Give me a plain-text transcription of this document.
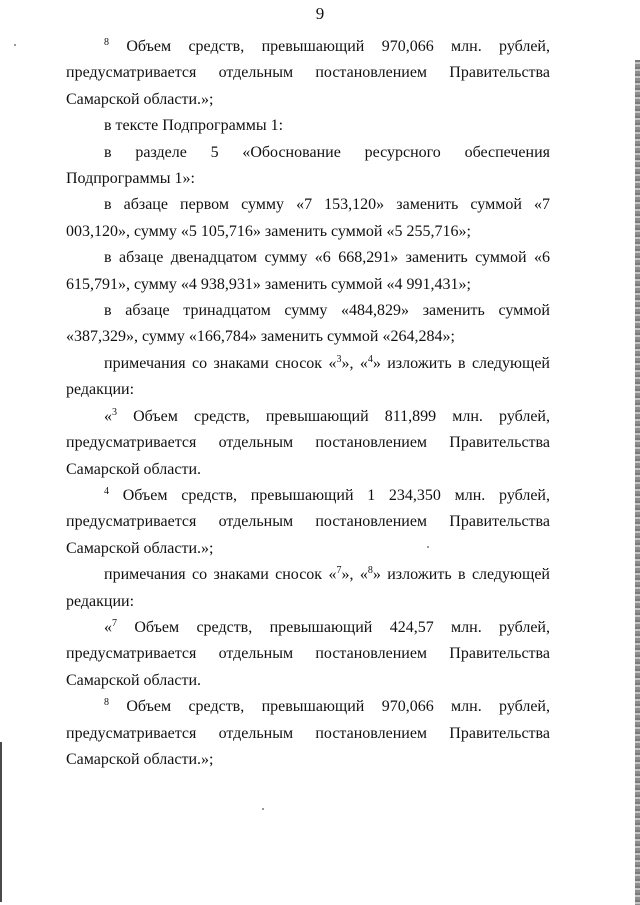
9

$^8$ Объем средств, превышающий 970,066 млн. рублей, предусматривается отдельным постановлением Правительства Самарской области.»;

в тексте Подпрограммы 1:

в разделе 5 «Обоснование ресурсного обеспечения Подпрограммы 1»:

в абзаце первом сумму «7 153,120» заменить суммой «7 003,120», сумму «5 105,716» заменить суммой «5 255,716»;

в абзаце двенадцатом сумму «6 668,291» заменить суммой «6 615,791», сумму «4 938,931» заменить суммой «4 991,431»;

в абзаце тринадцатом сумму «484,829» заменить суммой «387,329», сумму «166,784» заменить суммой «264,284»;

примечания со знаками сносок «$^3$», «$^4$» изложить в следующей редакции:

«$^3$ Объем средств, превышающий 811,899 млн. рублей, предусматривается отдельным постановлением Правительства Самарской области.

$^4$ Объем средств, превышающий 1 234,350 млн. рублей, предусматривается отдельным постановлением Правительства Самарской области.»;

примечания со знаками сносок «$^7$», «$^8$» изложить в следующей редакции:

«$^7$ Объем средств, превышающий 424,57 млн. рублей, предусматривается отдельным постановлением Правительства Самарской области.

$^8$ Объем средств, превышающий 970,066 млн. рублей, предусматривается отдельным постановлением Правительства Самарской области.»;
